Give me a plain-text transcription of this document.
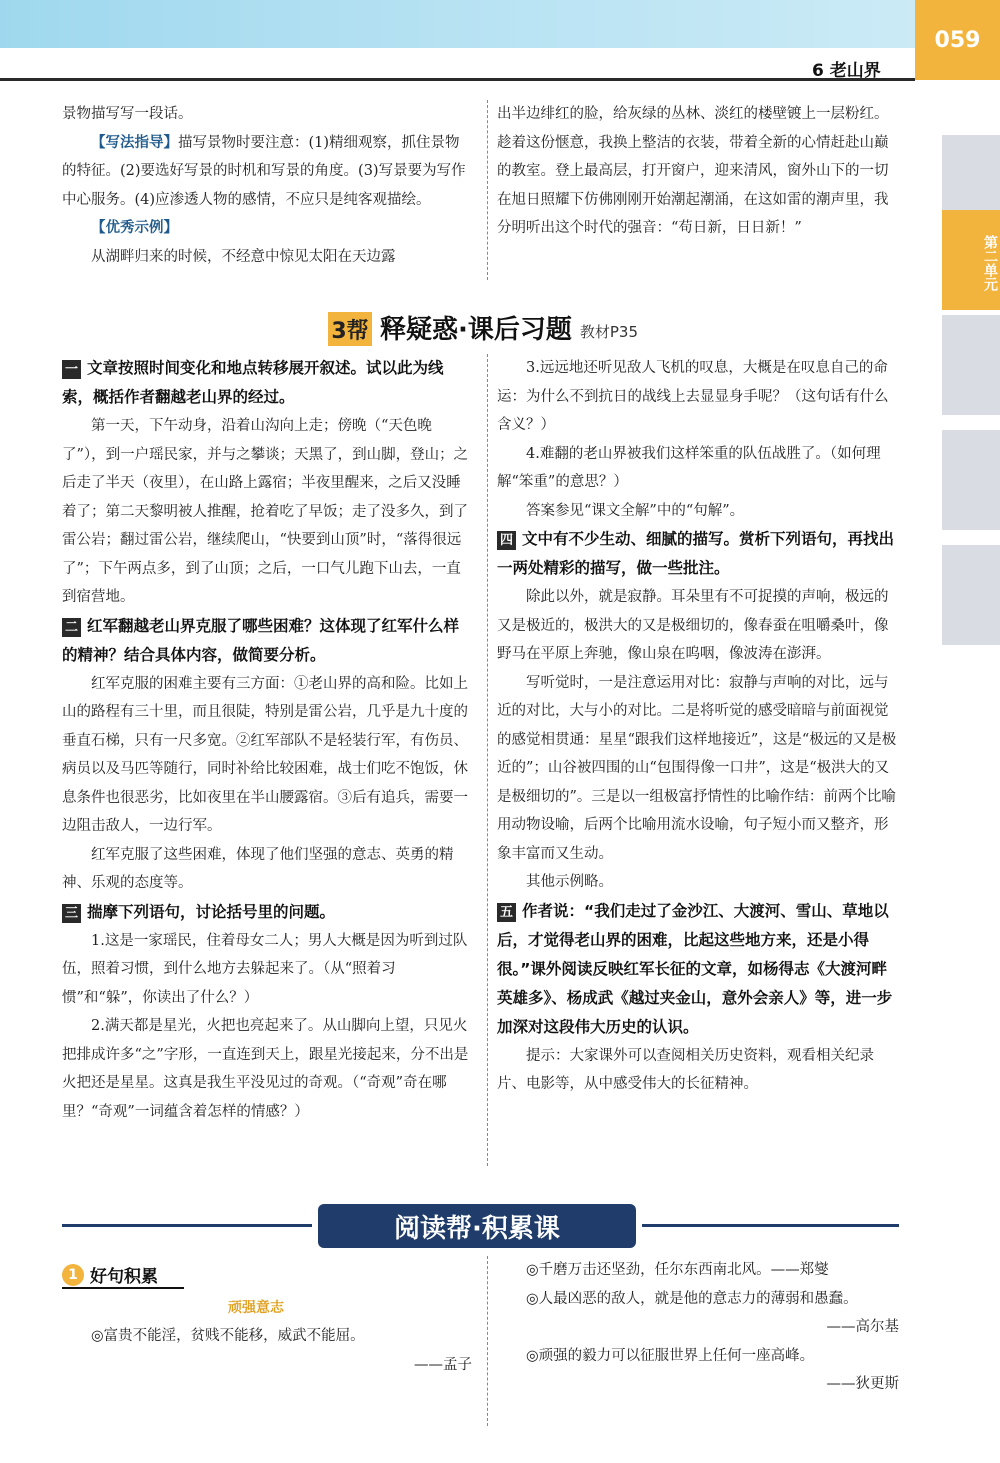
6 老山界
059
第二单元

景物描写写一段话。

【写法指导】描写景物时要注意：(1)精细观察，抓住景物的特征。(2)要选好写景的时机和写景的角度。(3)写景要为写作中心服务。(4)应渗透人物的感情，不应只是纯客观描绘。

【优秀示例】

从湖畔归来的时候，不经意中惊见太阳在天边露

出半边绯红的脸，给灰绿的丛林、淡红的楼壁镀上一层粉红。趁着这份惬意，我换上整洁的衣装，带着全新的心情赶赴山巅的教室。登上最高层，打开窗户，迎来清风，窗外山下的一切在旭日照耀下仿佛刚刚开始潮起潮涌，在这如雷的潮声里，我分明听出这个时代的强音：“苟日新，日日新！”

3帮 释疑惑·课后习题 教材P35

一 文章按照时间变化和地点转移展开叙述。试以此为线索，概括作者翻越老山界的经过。

第一天，下午动身，沿着山沟向上走；傍晚（“天色晚了”），到一户瑶民家，并与之攀谈；天黑了，到山脚，登山；之后走了半天（夜里），在山路上露宿；半夜里醒来，之后又没睡着了；第二天黎明被人推醒，抢着吃了早饭；走了没多久，到了雷公岩；翻过雷公岩，继续爬山，“快要到山顶”时，“落得很远了”；下午两点多，到了山顶；之后，一口气儿跑下山去，一直到宿营地。

二 红军翻越老山界克服了哪些困难？这体现了红军什么样的精神？结合具体内容，做简要分析。

红军克服的困难主要有三方面：①老山界的高和险。比如上山的路程有三十里，而且很陡，特别是雷公岩，几乎是九十度的垂直石梯，只有一尺多宽。②红军部队不是轻装行军，有伤员、病员以及马匹等随行，同时补给比较困难，战士们吃不饱饭，休息条件也很恶劣，比如夜里在半山腰露宿。③后有追兵，需要一边阻击敌人，一边行军。

红军克服了这些困难，体现了他们坚强的意志、英勇的精神、乐观的态度等。

三 揣摩下列语句，讨论括号里的问题。

1.这是一家瑶民，住着母女二人；男人大概是因为听到过队伍，照着习惯，到什么地方去躲起来了。（从“照着习惯”和“躲”，你读出了什么？）

2.满天都是星光，火把也亮起来了。从山脚向上望，只见火把排成许多“之”字形，一直连到天上，跟星光接起来，分不出是火把还是星星。这真是我生平没见过的奇观。（“奇观”奇在哪里？“奇观”一词蕴含着怎样的情感？）

3.远远地还听见敌人飞机的叹息，大概是在叹息自己的命运：为什么不到抗日的战线上去显显身手呢？（这句话有什么含义？）

4.难翻的老山界被我们这样笨重的队伍战胜了。（如何理解“笨重”的意思？）

答案参见“课文全解”中的“句解”。

四 文中有不少生动、细腻的描写。赏析下列语句，再找出一两处精彩的描写，做一些批注。

除此以外，就是寂静。耳朵里有不可捉摸的声响，极远的又是极近的，极洪大的又是极细切的，像春蚕在咀嚼桑叶，像野马在平原上奔驰，像山泉在呜咽，像波涛在澎湃。

写听觉时，一是注意运用对比：寂静与声响的对比，远与近的对比，大与小的对比。二是将听觉的感受暗暗与前面视觉的感觉相贯通：星星“跟我们这样地接近”，这是“极远的又是极近的”；山谷被四围的山“包围得像一口井”，这是“极洪大的又是极细切的”。三是以一组极富抒情性的比喻作结：前两个比喻用动物设喻，后两个比喻用流水设喻，句子短小而又整齐，形象丰富而又生动。

其他示例略。

五 作者说：“我们走过了金沙江、大渡河、雪山、草地以后，才觉得老山界的困难，比起这些地方来，还是小得很。”课外阅读反映红军长征的文章，如杨得志《大渡河畔英雄多》、杨成武《越过夹金山，意外会亲人》等，进一步加深对这段伟大历史的认识。

提示：大家课外可以查阅相关历史资料，观看相关纪录片、电影等，从中感受伟大的长征精神。

阅读帮·积累课
1 好句积累
顽强意志

◎富贵不能淫，贫贱不能移，威武不能屈。

——孟子

◎千磨万击还坚劲，任尔东西南北风。——郑燮

◎人最凶恶的敌人，就是他的意志力的薄弱和愚蠢。

——高尔基

◎顽强的毅力可以征服世界上任何一座高峰。

——狄更斯
